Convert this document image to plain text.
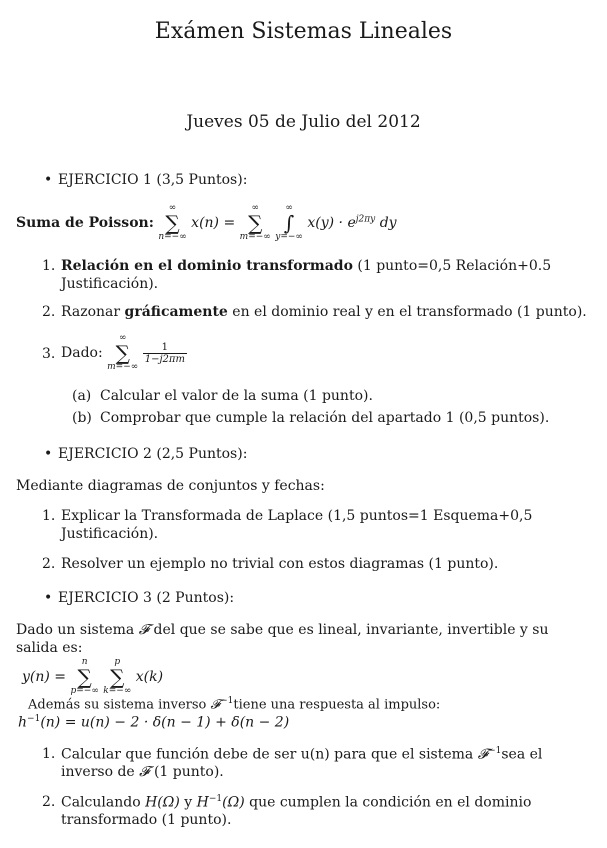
Exámen Sistemas Lineales
Jueves 05 de Julio del 2012
• EJERCICIO 1 (3,5 Puntos):
Suma de Poisson:
∞
∑
n=−∞
x(n) =
∞
∑
m=−∞

∞
∫
y=−∞
$x(y) \cdot e^{j2\pi y}$ dy
1. Relación en el dominio transformado (1 punto=0,5 Relación+0.5 Justificación).
2. Razonar gráficamente en el dominio real y en el transformado (1 punto).
3. Dado:
∞
∑
m=−∞

$\frac{1}{1-j2\pi m}$
(a) Calcular el valor de la suma (1 punto).
(b) Comprobar que cumple la relación del apartado 1 (0,5 puntos).
• EJERCICIO 2 (2,5 Puntos):
Mediante diagramas de conjuntos y fechas:
1. Explicar la Transformada de Laplace (1,5 puntos=1 Esquema+0,5 Justificación).
2. Resolver un ejemplo no trivial con estos diagramas (1 punto).
• EJERCICIO 3 (2 Puntos):
Dado un sistema 𝓕 del que se sabe que es lineal, invariante, invertible y su salida es:
y(n) =
n
∑
p=−∞

p
∑
k=−∞
x(k)
Además su sistema inverso 𝓕$^{-1}$tiene una respuesta al impulso:
$h^{-1}(n) = u(n) - 2 \cdot \delta(n - 1) + \delta(n - 2)$
1. Calcular que función debe de ser u(n) para que el sistema 𝓕$^{-1}$sea el inverso de 𝓕 (1 punto).
2. Calculando H(Ω) y $H^{-1}(\Omega)$ que cumplen la condición en el dominio transformado (1 punto).
